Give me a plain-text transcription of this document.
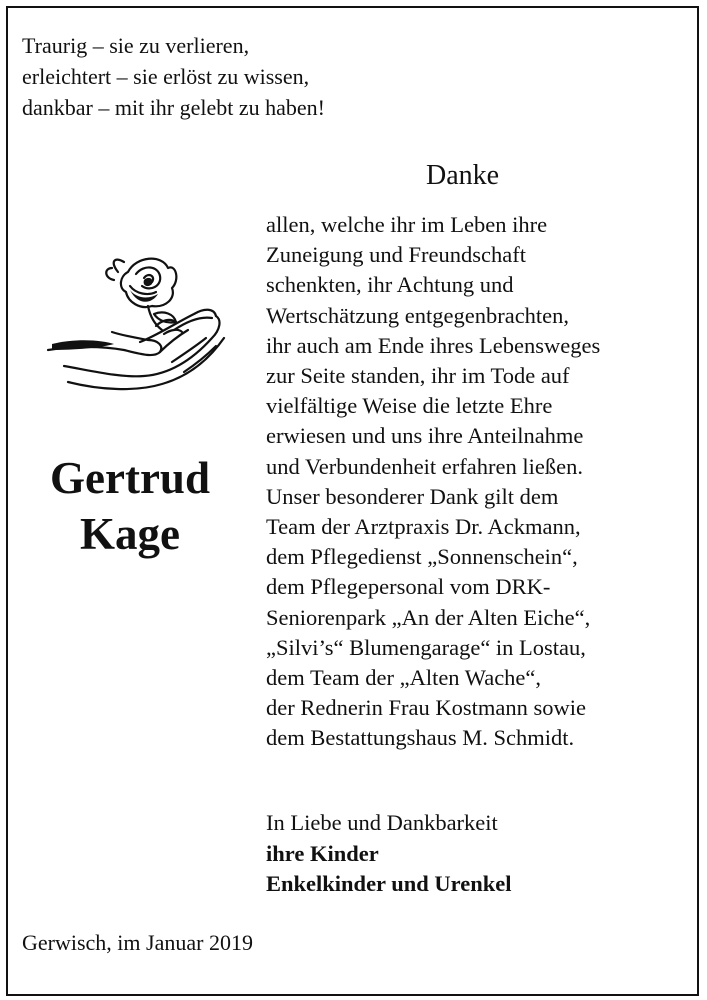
Traurig – sie zu verlieren,
erleichtert – sie erlöst zu wissen,
dankbar – mit ihr gelebt zu haben!
Danke
Gertrud
Kage
allen, welche ihr im Leben ihre
Zuneigung und Freundschaft
schenkten, ihr Achtung und
Wertschätzung entgegenbrachten,
ihr auch am Ende ihres Lebensweges
zur Seite standen, ihr im Tode auf
vielfältige Weise die letzte Ehre
erwiesen und uns ihre Anteilnahme
und Verbundenheit erfahren ließen.
Unser besonderer Dank gilt dem
Team der Arztpraxis Dr. Ackmann,
dem Pflegedienst „Sonnenschein“,
dem Pflegepersonal vom DRK-
Seniorenpark „An der Alten Eiche“,
„Silvi’s“ Blumengarage“ in Lostau,
dem Team der „Alten Wache“,
der Rednerin Frau Kostmann sowie
dem Bestattungshaus M. Schmidt.
In Liebe und Dankbarkeit
ihre Kinder
Enkelkinder und Urenkel
Gerwisch, im Januar 2019
